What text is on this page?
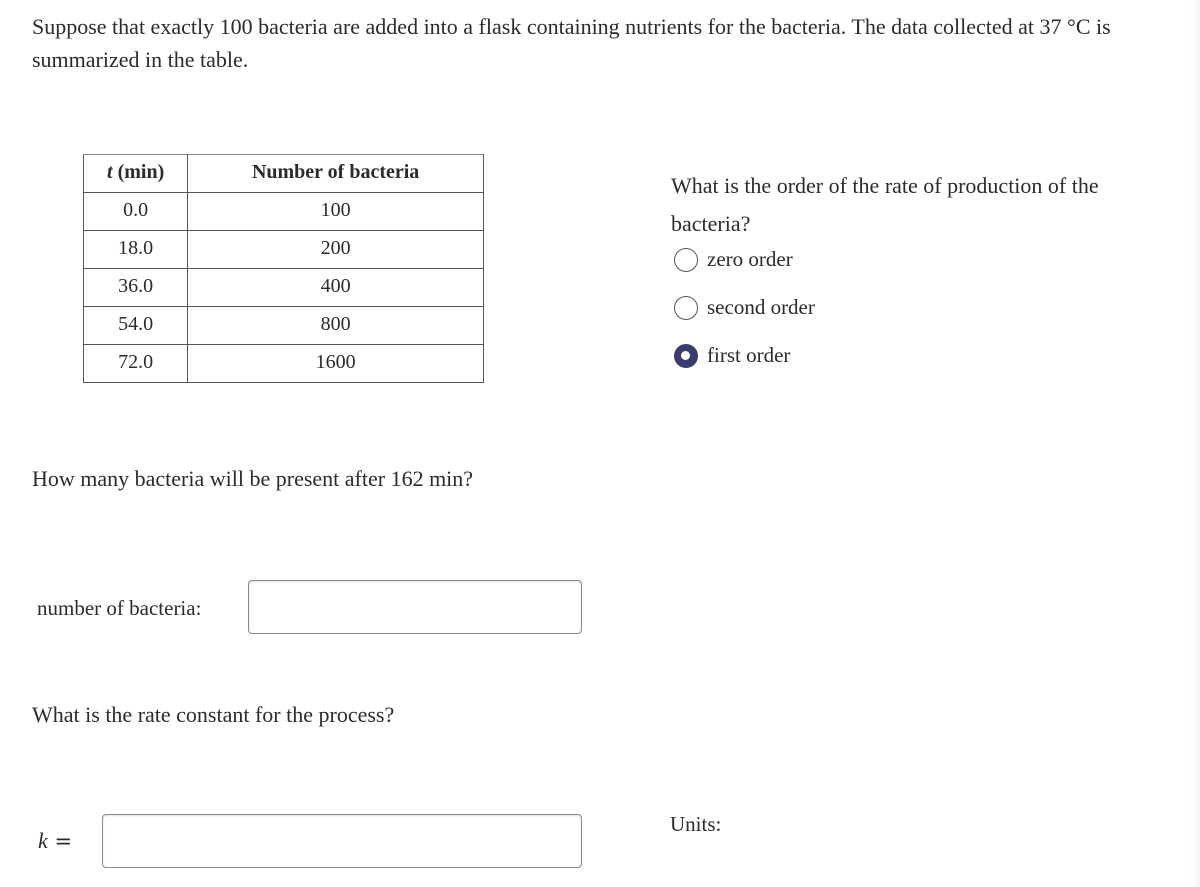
Suppose that exactly 100 bacteria are added into a flask containing nutrients for the bacteria. The data collected at 37 °C is summarized in the table.

t (min)	Number of bacteria
0.0	100
18.0	200
36.0	400
54.0	800
72.0	1600

What is the order of the rate of production of the bacteria?

zero order
second order
first order

How many bacteria will be present after 162 min?

number of bacteria:

What is the rate constant for the process?

k =
Units:
